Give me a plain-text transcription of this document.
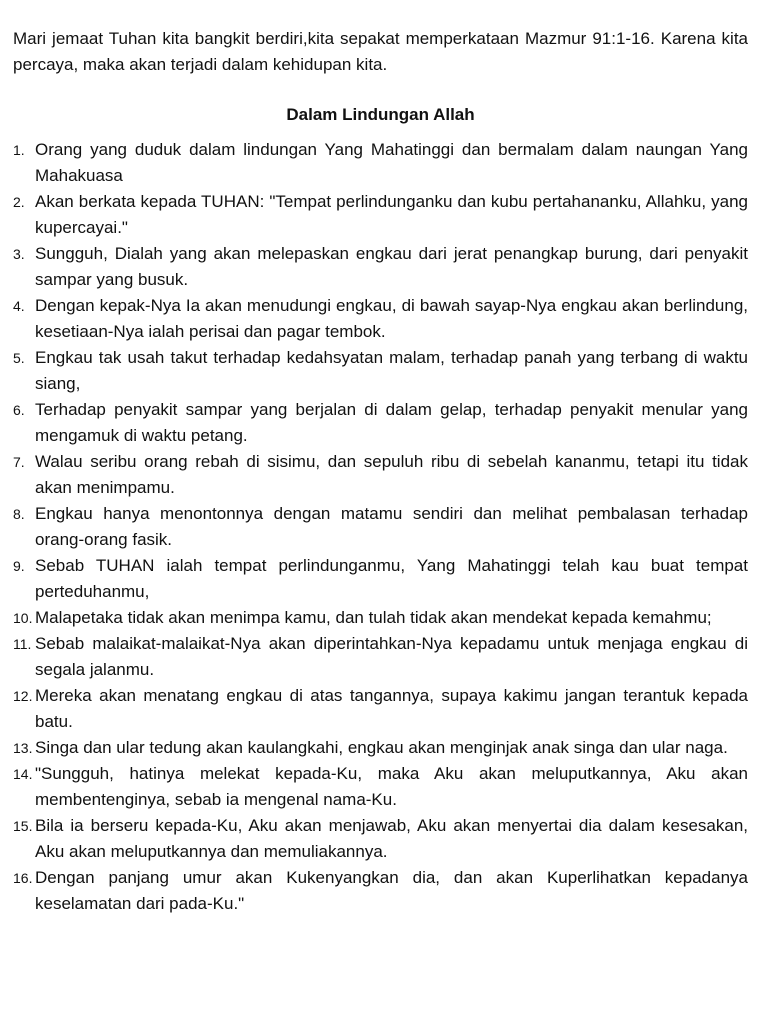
Mari jemaat Tuhan kita bangkit berdiri,kita sepakat memperkataan Mazmur 91:1-16. Karena kita percaya, maka akan terjadi dalam kehidupan kita.

Dalam Lindungan Allah
1. Orang yang duduk dalam lindungan Yang Mahatinggi dan bermalam dalam naungan Yang Mahakuasa
2. Akan berkata kepada TUHAN: "Tempat perlindunganku dan kubu pertahananku, Allahku, yang kupercayai."
3. Sungguh, Dialah yang akan melepaskan engkau dari jerat penangkap burung, dari penyakit sampar yang busuk.
4. Dengan kepak-Nya Ia akan menudungi engkau, di bawah sayap-Nya engkau akan berlindung, kesetiaan-Nya ialah perisai dan pagar tembok.
5. Engkau tak usah takut terhadap kedahsyatan malam, terhadap panah yang terbang di waktu siang,
6. Terhadap penyakit sampar yang berjalan di dalam gelap, terhadap penyakit menular yang mengamuk di waktu petang.
7. Walau seribu orang rebah di sisimu, dan sepuluh ribu di sebelah kananmu, tetapi itu tidak akan menimpamu.
8. Engkau hanya menontonnya dengan matamu sendiri dan melihat pembalasan terhadap orang-orang fasik.
9. Sebab TUHAN ialah tempat perlindunganmu, Yang Mahatinggi telah kau buat tempat perteduhanmu,
10. Malapetaka tidak akan menimpa kamu, dan tulah tidak akan mendekat kepada kemahmu;
11. Sebab malaikat-malaikat-Nya akan diperintahkan-Nya kepadamu untuk menjaga engkau di segala jalanmu.
12. Mereka akan menatang engkau di atas tangannya, supaya kakimu jangan terantuk kepada batu.
13. Singa dan ular tedung akan kaulangkahi, engkau akan menginjak anak singa dan ular naga.
14. "Sungguh, hatinya melekat kepada-Ku, maka Aku akan meluputkannya, Aku akan membentenginya, sebab ia mengenal nama-Ku.
15. Bila ia berseru kepada-Ku, Aku akan menjawab, Aku akan menyertai dia dalam kesesakan, Aku akan meluputkannya dan memuliakannya.
16. Dengan panjang umur akan Kukenyangkan dia, dan akan Kuperlihatkan kepadanya keselamatan dari pada-Ku."
